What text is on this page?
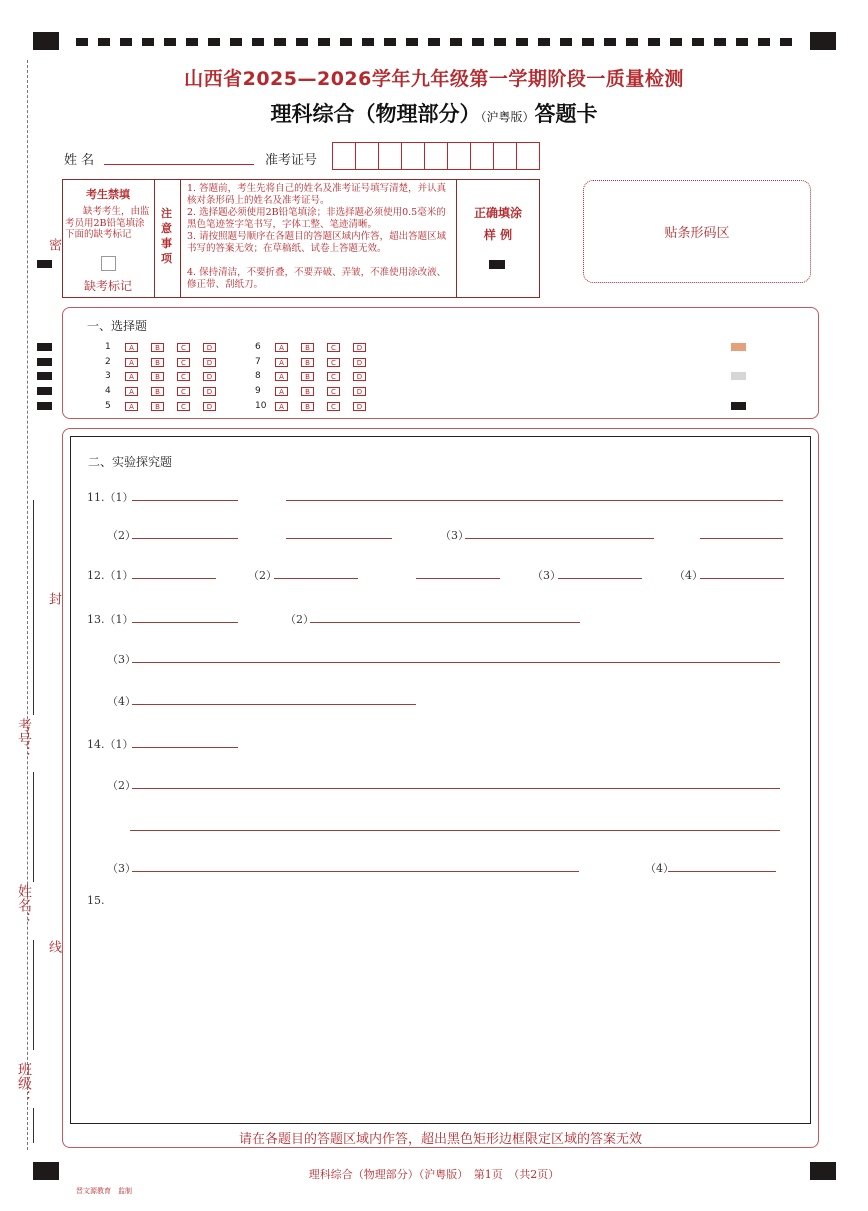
密
封
线
考号：
姓名：
班级：
山西省2025—2026学年九年级第一学期阶段一质量检测
理科综合（物理部分）（沪粤版）答题卡
姓 名	准考证号
考生禁填
缺考考生，由监考员用2B铅笔填涂下面的缺考标记
缺考标记
注意事项
1. 答题前，考生先将自己的姓名及准考证号填写清楚，并认真核对条形码上的姓名及准考证号。
2. 选择题必须使用2B铅笔填涂；非选择题必须使用0.5毫米的黑色笔迹签字笔书写，字体工整、笔迹清晰。
3. 请按照题号顺序在各题目的答题区域内作答，超出答题区域书写的答案无效；在草稿纸、试卷上答题无效。
4. 保持清洁，不要折叠，不要弄破、弄皱，不准使用涂改液、修正带、刮纸刀。
正确填涂
样 例	贴条形码区
一、选择题
1	A	B	C	D
2	A	B	C	D
3	A	B	C	D
4	A	B	C	D
5	A	B	C	D
6	A	B	C	D
7	A	B	C	D
8	A	B	C	D
9	A	B	C	D
10	A	B	C	D
二、实验探究题
11.（1）
（2）	（3）
12.（1）	（2）	（3）	（4）
13.（1）	（2）
（3）
（4）
14.（1）
（2）
（3）	（4）
15.
请在各题目的答题区域内作答，超出黑色矩形边框限定区域的答案无效
理科综合（物理部分）（沪粤版）　第1页　（共2页）
晋文源教育　监制
